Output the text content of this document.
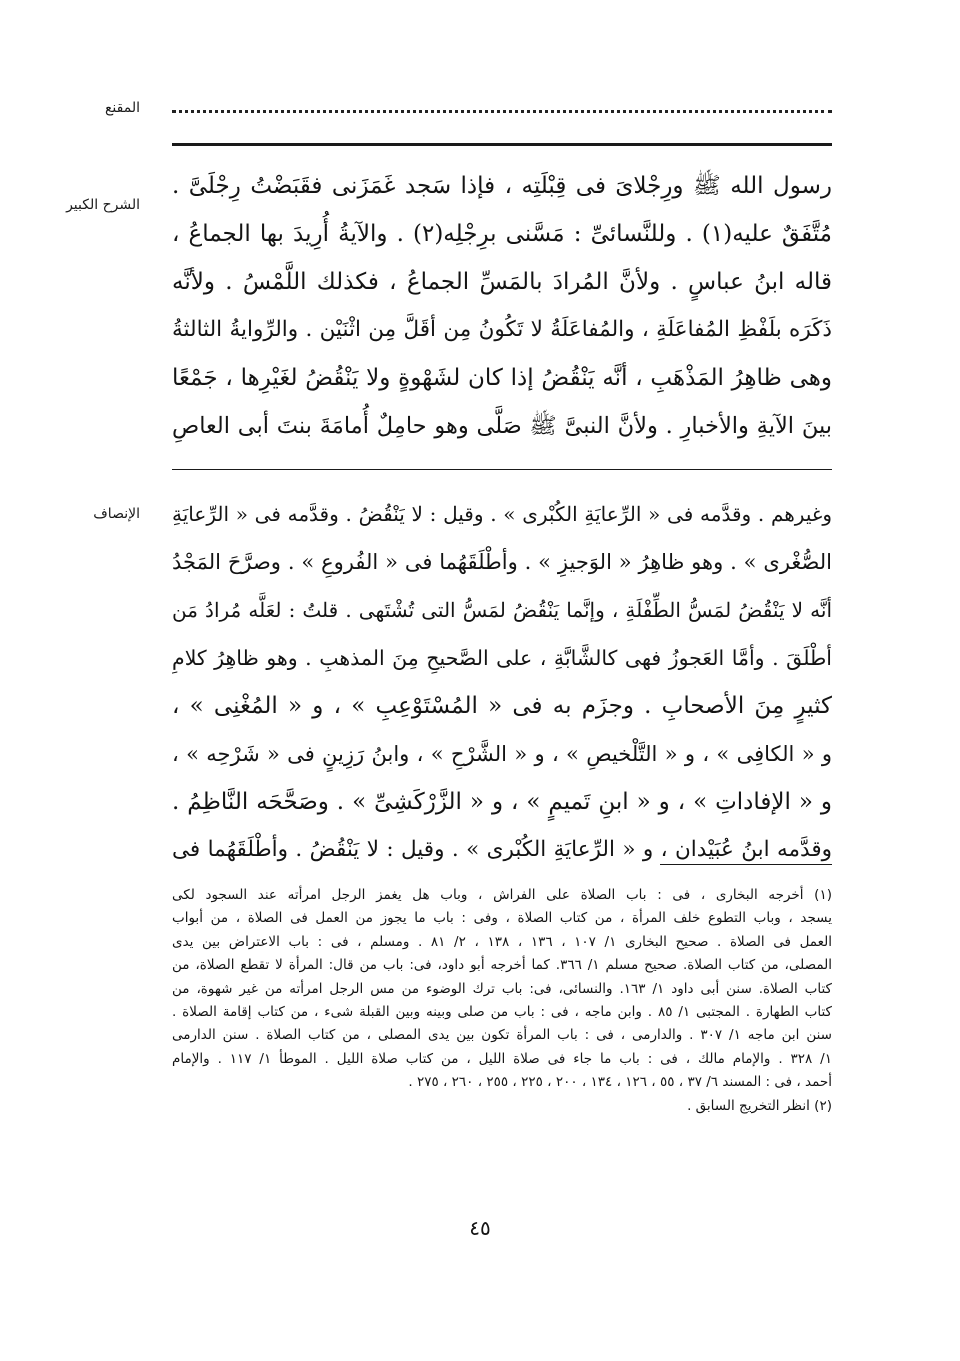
المقنع
الشرح الكبير
رسول الله ﷺ ورِجْلاىَ فى قِبْلَتِه ، فإذا سَجد غَمَزَنى فقَبَضْتُ رِجْلَىَّ .
مُتَّفَقٌ عليه(١) . وللنَّسائىِّ : مَسَّنى برِجْلِه(٢) . والآيةُ أُرِيدَ بها الجماعُ ،
قاله ابنُ عباسٍ . ولأنَّ المُرادَ بالمَسِّ الجماعُ ، فكذلك اللَّمْسُ . ولأنَّه
ذَكَرَه بلَفْظِ المُفاعَلَةِ ، والمُفاعَلَةُ لا تَكُونُ مِن أقَلَّ مِن اثْنَيْن . والرِّوايةُ الثالثةُ
وهى ظاهِرُ المَذْهَبِ ، أنَّه يَنْقُضُ إذا كان لشَهْوةٍ ولا يَنْقُضُ لغَيْرِها ، جَمْعًا
بينَ الآيةِ والأخبارِ . ولأنَّ النبىَّ ﷺ صَلَّى وهو حامِلٌ أُمامَةَ بنتَ أبى العاصِ
الإنصاف وغيرهم . وقدَّمه فى « الرِّعايَةِ الكُبْرى » . وقيل : لا يَنْقُضُ . وقدَّمه فى « الرِّعايَةِ
الصُّغْرى » . وهو ظاهِرُ « الوَجيزِ » . وأطْلَقَهُما فى « الفُروعِ » . وصرَّحَ المَجْدُ
أنَّه لا يَنْقُضُ لمَسُّ الطِّفْلَةِ ، وإنَّما يَنْقُضُ لمَسُّ التى تُشْتَهى . قلتُ : لعَلَّه مُرادُ مَن
أطْلَقَ . وأمَّا العَجوزُ فهى كالشَّابَّةِ ، على الصَّحيحِ مِنَ المذهبِ . وهو ظاهِرُ كلامِ
كثيرٍ مِنَ الأصحابِ . وجزَم به فى « المُسْتَوْعِبِ » ، و « المُغْنِى » ،
و « الكافِى » ، و « التَّلْخيصِ » ، و « الشَّرْحِ » ، وابنُ رَزِينٍ فى « شَرْحِه » ،
و « الإفاداتِ » ، و « ابنِ تَميمٍ » ، و « الزَّرْكَشِىِّ » . وصَحَّحَه النَّاظِمُ .
وقدَّمه ابنُ عُبَيْدان ، و « الرِّعايَةِ الكُبْرى » . وقيل : لا يَنْقُضُ . وأطْلَقَهُما فى
(١) أخرجه البخارى ، فى : باب الصلاة على الفراش ، وباب هل يغمز الرجل امرأته عند السجود لكى
يسجد ، وباب التطوع خلف المرأة ، من كتاب الصلاة ، وفى : باب ما يجوز من العمل فى الصلاة ، من أبواب
العمل فى الصلاة . صحيح البخارى ١/ ١٠٧ ، ١٣٦ ، ١٣٨ ، ٢/ ٨١ . ومسلم ، فى : باب الاعتراض بين يدى
المصلى، من كتاب الصلاة. صحيح مسلم ١/ ٣٦٦. كما أخرجه أبو داود، فى: باب من قال: المرأة لا تقطع الصلاة، من
كتاب الصلاة. سنن أبى داود ١/ ١٦٣. والنسائى، فى: باب ترك الوضوء من مس الرجل امرأته من غير شهوة، من
كتاب الطهارة . المجتبى ١/ ٨٥ . وابن ماجه ، فى : باب من صلى وبينه وبين القبلة شىء ، من كتاب إقامة الصلاة .
سنن ابن ماجه ١/ ٣٠٧ . والدارمى ، فى : باب المرأة تكون بين يدى المصلى ، من كتاب الصلاة . سنن الدارمى
١/ ٣٢٨ . والإمام مالك ، فى : باب ما جاء فى صلاة الليل ، من كتاب صلاة الليل . الموطأ ١/ ١١٧ . والإمام
أحمد ، فى : المسند ٦/ ٣٧ ، ٥٥ ، ١٢٦ ، ١٣٤ ، ٢٠٠ ، ٢٢٥ ، ٢٥٥ ، ٢٦٠ ، ٢٧٥ .
(٢) انظر التخريج السابق .
٤٥
